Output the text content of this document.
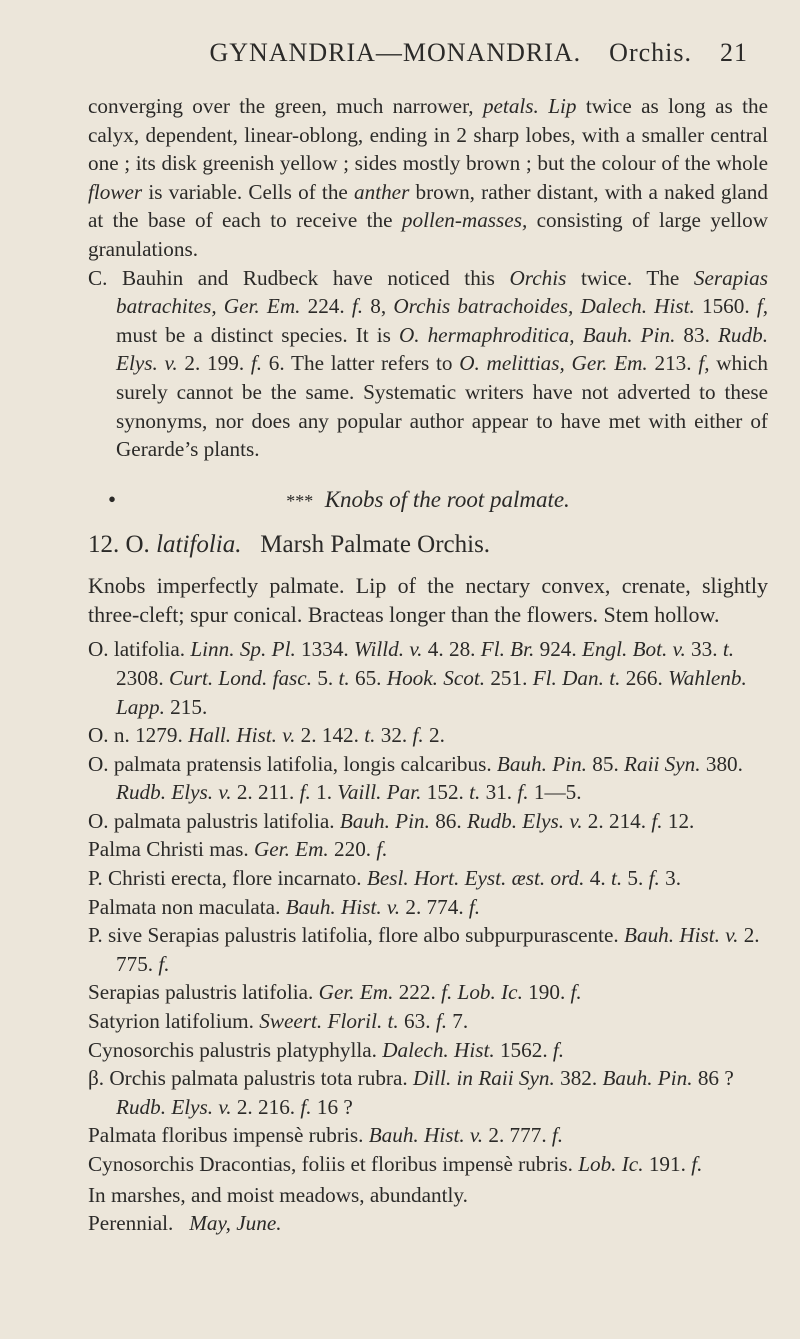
GYNANDRIA—MONANDRIA. Orchis. 21

converging over the green, much narrower, petals. Lip twice as long as the calyx, dependent, linear-oblong, ending in 2 sharp lobes, with a smaller central one ; its disk greenish yellow ; sides mostly brown ; but the colour of the whole flower is variable. Cells of the anther brown, rather distant, with a naked gland at the base of each to receive the pollen-masses, consisting of large yellow granulations.

C. Bauhin and Rudbeck have noticed this Orchis twice. The Serapias batrachites, Ger. Em. 224. f. 8, Orchis batrachoides, Dalech. Hist. 1560. f, must be a distinct species. It is O. hermaphroditica, Bauh. Pin. 83. Rudb. Elys. v. 2. 199. f. 6. The latter refers to O. melittias, Ger. Em. 213. f, which surely cannot be the same. Systematic writers have not adverted to these synonyms, nor does any popular author appear to have met with either of Gerarde’s plants.

•	*** Knobs of the root palmate.

12. O. latifolia. Marsh Palmate Orchis.

Knobs imperfectly palmate. Lip of the nectary convex, crenate, slightly three-cleft; spur conical. Bracteas longer than the flowers. Stem hollow.

O. latifolia. Linn. Sp. Pl. 1334. Willd. v. 4. 28. Fl. Br. 924. Engl. Bot. v. 33. t. 2308. Curt. Lond. fasc. 5. t. 65. Hook. Scot. 251. Fl. Dan. t. 266. Wahlenb. Lapp. 215.

O. n. 1279. Hall. Hist. v. 2. 142. t. 32. f. 2.

O. palmata pratensis latifolia, longis calcaribus. Bauh. Pin. 85. Raii Syn. 380. Rudb. Elys. v. 2. 211. f. 1. Vaill. Par. 152. t. 31. f. 1—5.

O. palmata palustris latifolia. Bauh. Pin. 86. Rudb. Elys. v. 2. 214. f. 12.

Palma Christi mas. Ger. Em. 220. f.

P. Christi erecta, flore incarnato. Besl. Hort. Eyst. æst. ord. 4. t. 5. f. 3.

Palmata non maculata. Bauh. Hist. v. 2. 774. f.

P. sive Serapias palustris latifolia, flore albo subpurpurascente. Bauh. Hist. v. 2. 775. f.

Serapias palustris latifolia. Ger. Em. 222. f. Lob. Ic. 190. f.

Satyrion latifolium. Sweert. Floril. t. 63. f. 7.

Cynosorchis palustris platyphylla. Dalech. Hist. 1562. f.

β. Orchis palmata palustris tota rubra. Dill. in Raii Syn. 382. Bauh. Pin. 86 ? Rudb. Elys. v. 2. 216. f. 16 ?

Palmata floribus impensè rubris. Bauh. Hist. v. 2. 777. f.

Cynosorchis Dracontias, foliis et floribus impensè rubris. Lob. Ic. 191. f.

In marshes, and moist meadows, abundantly.

Perennial. May, June.
